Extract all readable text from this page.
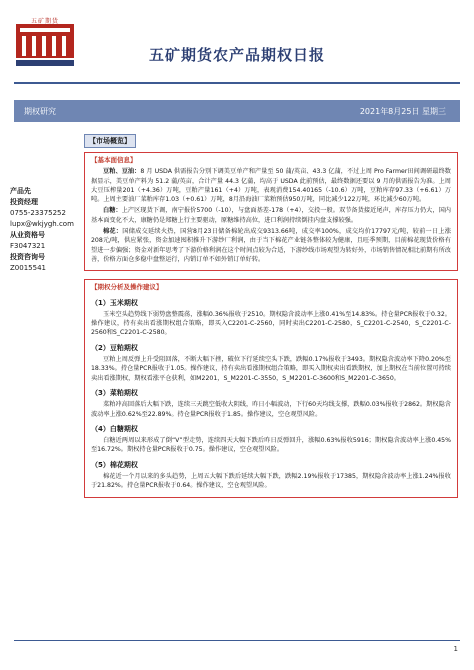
五矿期货
五矿期货农产品期权日报
期权研究	2021年8月25日 星期三
产品先
投资经理
0755-23375252
lupx@wkjygh.com
从业资格号
F3047321
投资咨询号
Z0015541
【市场概览】
【基本面信息】
豆粕、豆油：8 月 USDA 供需报告分别下调美豆单产和产量至 50 蒲/英亩、43.3 亿蒲，不过上周 Pro Farmer田间调研最终数据显示，美豆单产料为 51.2 蒲/英亩，合计产量 44.3 亿蒲，均高于 USDA 此前预估，最终数据还要以 9 月的供需报告为准。上周大豆压榨量201（+4.36）万吨，豆粕产量161（+4）万吨，表观消费154.40165（-10.6）万吨，豆粕库存97.33（+6.61）万吨。上周主要油厂菜粕库存1.03（+0.61）万吨，8月沿海油厂菜粕预估950万吨，同比减少122万吨，环比减少60万吨。
白糖：上产区现货下调，南宁报价5700（-10），与盘面基差-178（+4），交投一般。双节备货接近尾声，库存压力仍大，国内基本面变化不大，康糖仍是郑糖上行主要驱动，原糖维持高位，进口利润持续倒挂内盘支撑较强。
棉花：国储成交延续火热，国营8月23日储备棉轮出成交9313.66吨，成交率100%，成交均价17797元/吨，较前一日上涨208元/吨，供应紧张，资金加速囤积推升下游纱厂利润，由于当下棉花产业链各整体较为健康，且旺季预期，目前棉花现货价格有望进一步偏强；资金对新年思考了下游价格利润在这个时间点较为合适，下游纱线市场观望为转好外，市场销售情况相比前期有所改善，价格方面仓多稳中盘整运行，内销订单不如外销订单好转。
【期权分析及操作建议】
（1）玉米期权
玉米空头趋势线下弱势盘整震荡，涨幅0.36%报收于2510。期权隐含波动率上涨0.41%至14.83%。持仓量PCR报收于0.32。操作建议，持有卖出看涨期权组合策略，即买入C2201-C-2560，同时卖出C2201-C-2580，S_C2201-C-2540，S_C2201-C-2560和S_C2201-C-2580。
（2）豆粕期权
豆粕上周反弹上升受阻回落，不断大幅下挫，破位下行延续空头下跌，跌幅0.17%报收于3493。期权隐含波动率下降0.20%至18.33%。持仓量PCR报收于1.05。操作建议，持有卖出看涨期权组合策略，即买入期权卖出看跌期权，加上期权在当前位置可持续卖出看涨期权，期权看涨平仓获利，如M2201，S_M2201-C-3550，S_M2201-C-3600和S_M2201-C-3650。
（3）菜粕期权
菜粕冲高回落后大幅下跌，连续三天跳空低收大阴线，昨日小幅波动，下行60天均线支撑，跌幅0.03%报收于2862。期权隐含波动率上涨0.62%至22.89%。持仓量PCR报收于1.85。操作建议，空仓观望风险。
（4）白糖期权
白糖近两周以来形成了倒“V”型走势，连续四天大幅下跌后昨日反弹回升，涨幅0.63%报收5916；期权隐含波动率上涨0.45%至16.72%。期权持仓量PCR报收于0.75。操作建议，空仓观望风险。
（5）棉花期权
棉花近一个月以来的多头趋势，上周五大幅下跌后延续大幅下跌，跌幅2.19%报收于17385，期权隐含波动率上涨1.24%报收于21.82%。持仓量PCR报收于0.64。操作建议，空仓观望风险。
1
